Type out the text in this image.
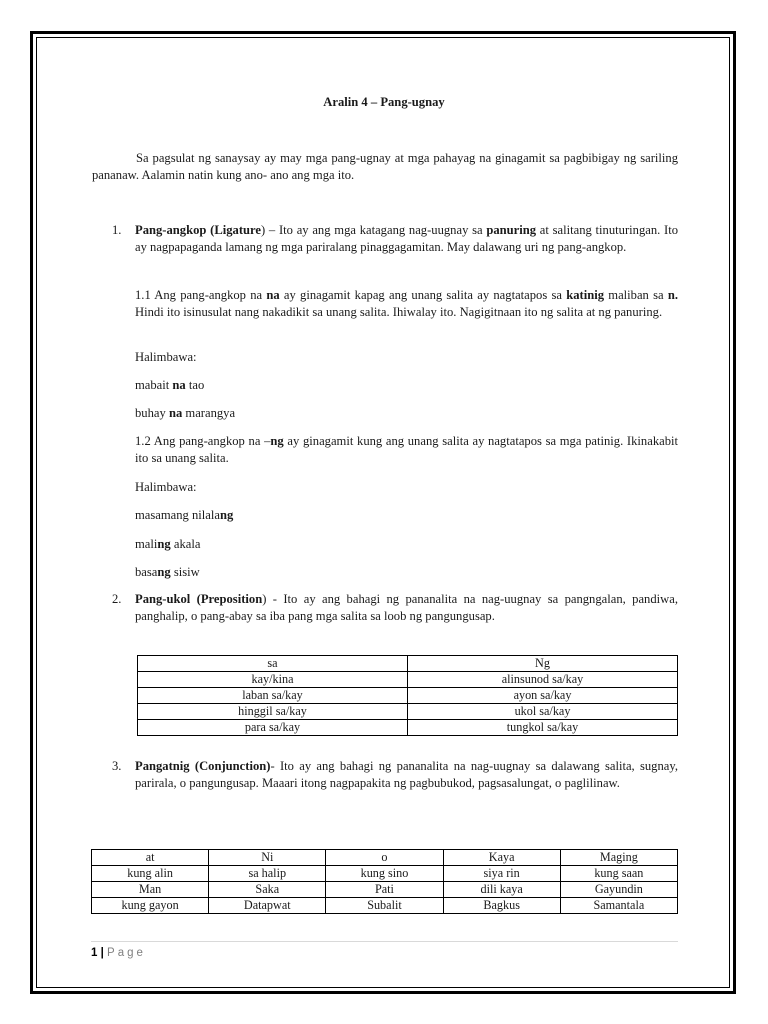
Aralin 4 – Pang-ugnay
Sa pagsulat ng sanaysay ay may mga pang-ugnay at mga pahayag na ginagamit sa pagbibigay ng sariling pananaw. Aalamin natin kung ano- ano ang mga ito.
1. Pang-angkop (Ligature) – Ito ay ang mga katagang nag-uugnay sa panuring at salitang tinuturingan. Ito ay nagpapaganda lamang ng mga pariralang pinaggagamitan. May dalawang uri ng pang-angkop.
1.1 Ang pang-angkop na na ay ginagamit kapag ang unang salita ay nagtatapos sa katinig maliban sa n. Hindi ito isinusulat nang nakadikit sa unang salita. Ihiwalay ito. Nagigitnaan ito ng salita at ng panuring.
Halimbawa:
mabait na tao
buhay na marangya
1.2 Ang pang-angkop na –ng ay ginagamit kung ang unang salita ay nagtatapos sa mga patinig. Ikinakabit ito sa unang salita.
Halimbawa:
masamang nilalang
maling akala
basang sisiw
2. Pang-ukol (Preposition) - Ito ay ang bahagi ng pananalita na nag-uugnay sa pangngalan, pandiwa, panghalip, o pang-abay sa iba pang mga salita sa loob ng pangungusap.
sa	Ng
kay/kina	alinsunod sa/kay
laban sa/kay	ayon sa/kay
hinggil sa/kay	ukol sa/kay
para sa/kay	tungkol sa/kay
3. Pangatnig (Conjunction)- Ito ay ang bahagi ng pananalita na nag-uugnay sa dalawang salita, sugnay, parirala, o pangungusap. Maaari itong nagpapakita ng pagbubukod, pagsasalungat, o paglilinaw.
at	Ni	o	Kaya	Maging
kung alin	sa halip	kung sino	siya rin	kung saan
Man	Saka	Pati	dili kaya	Gayundin
kung gayon	Datapwat	Subalit	Bagkus	Samantala
1 | Page
